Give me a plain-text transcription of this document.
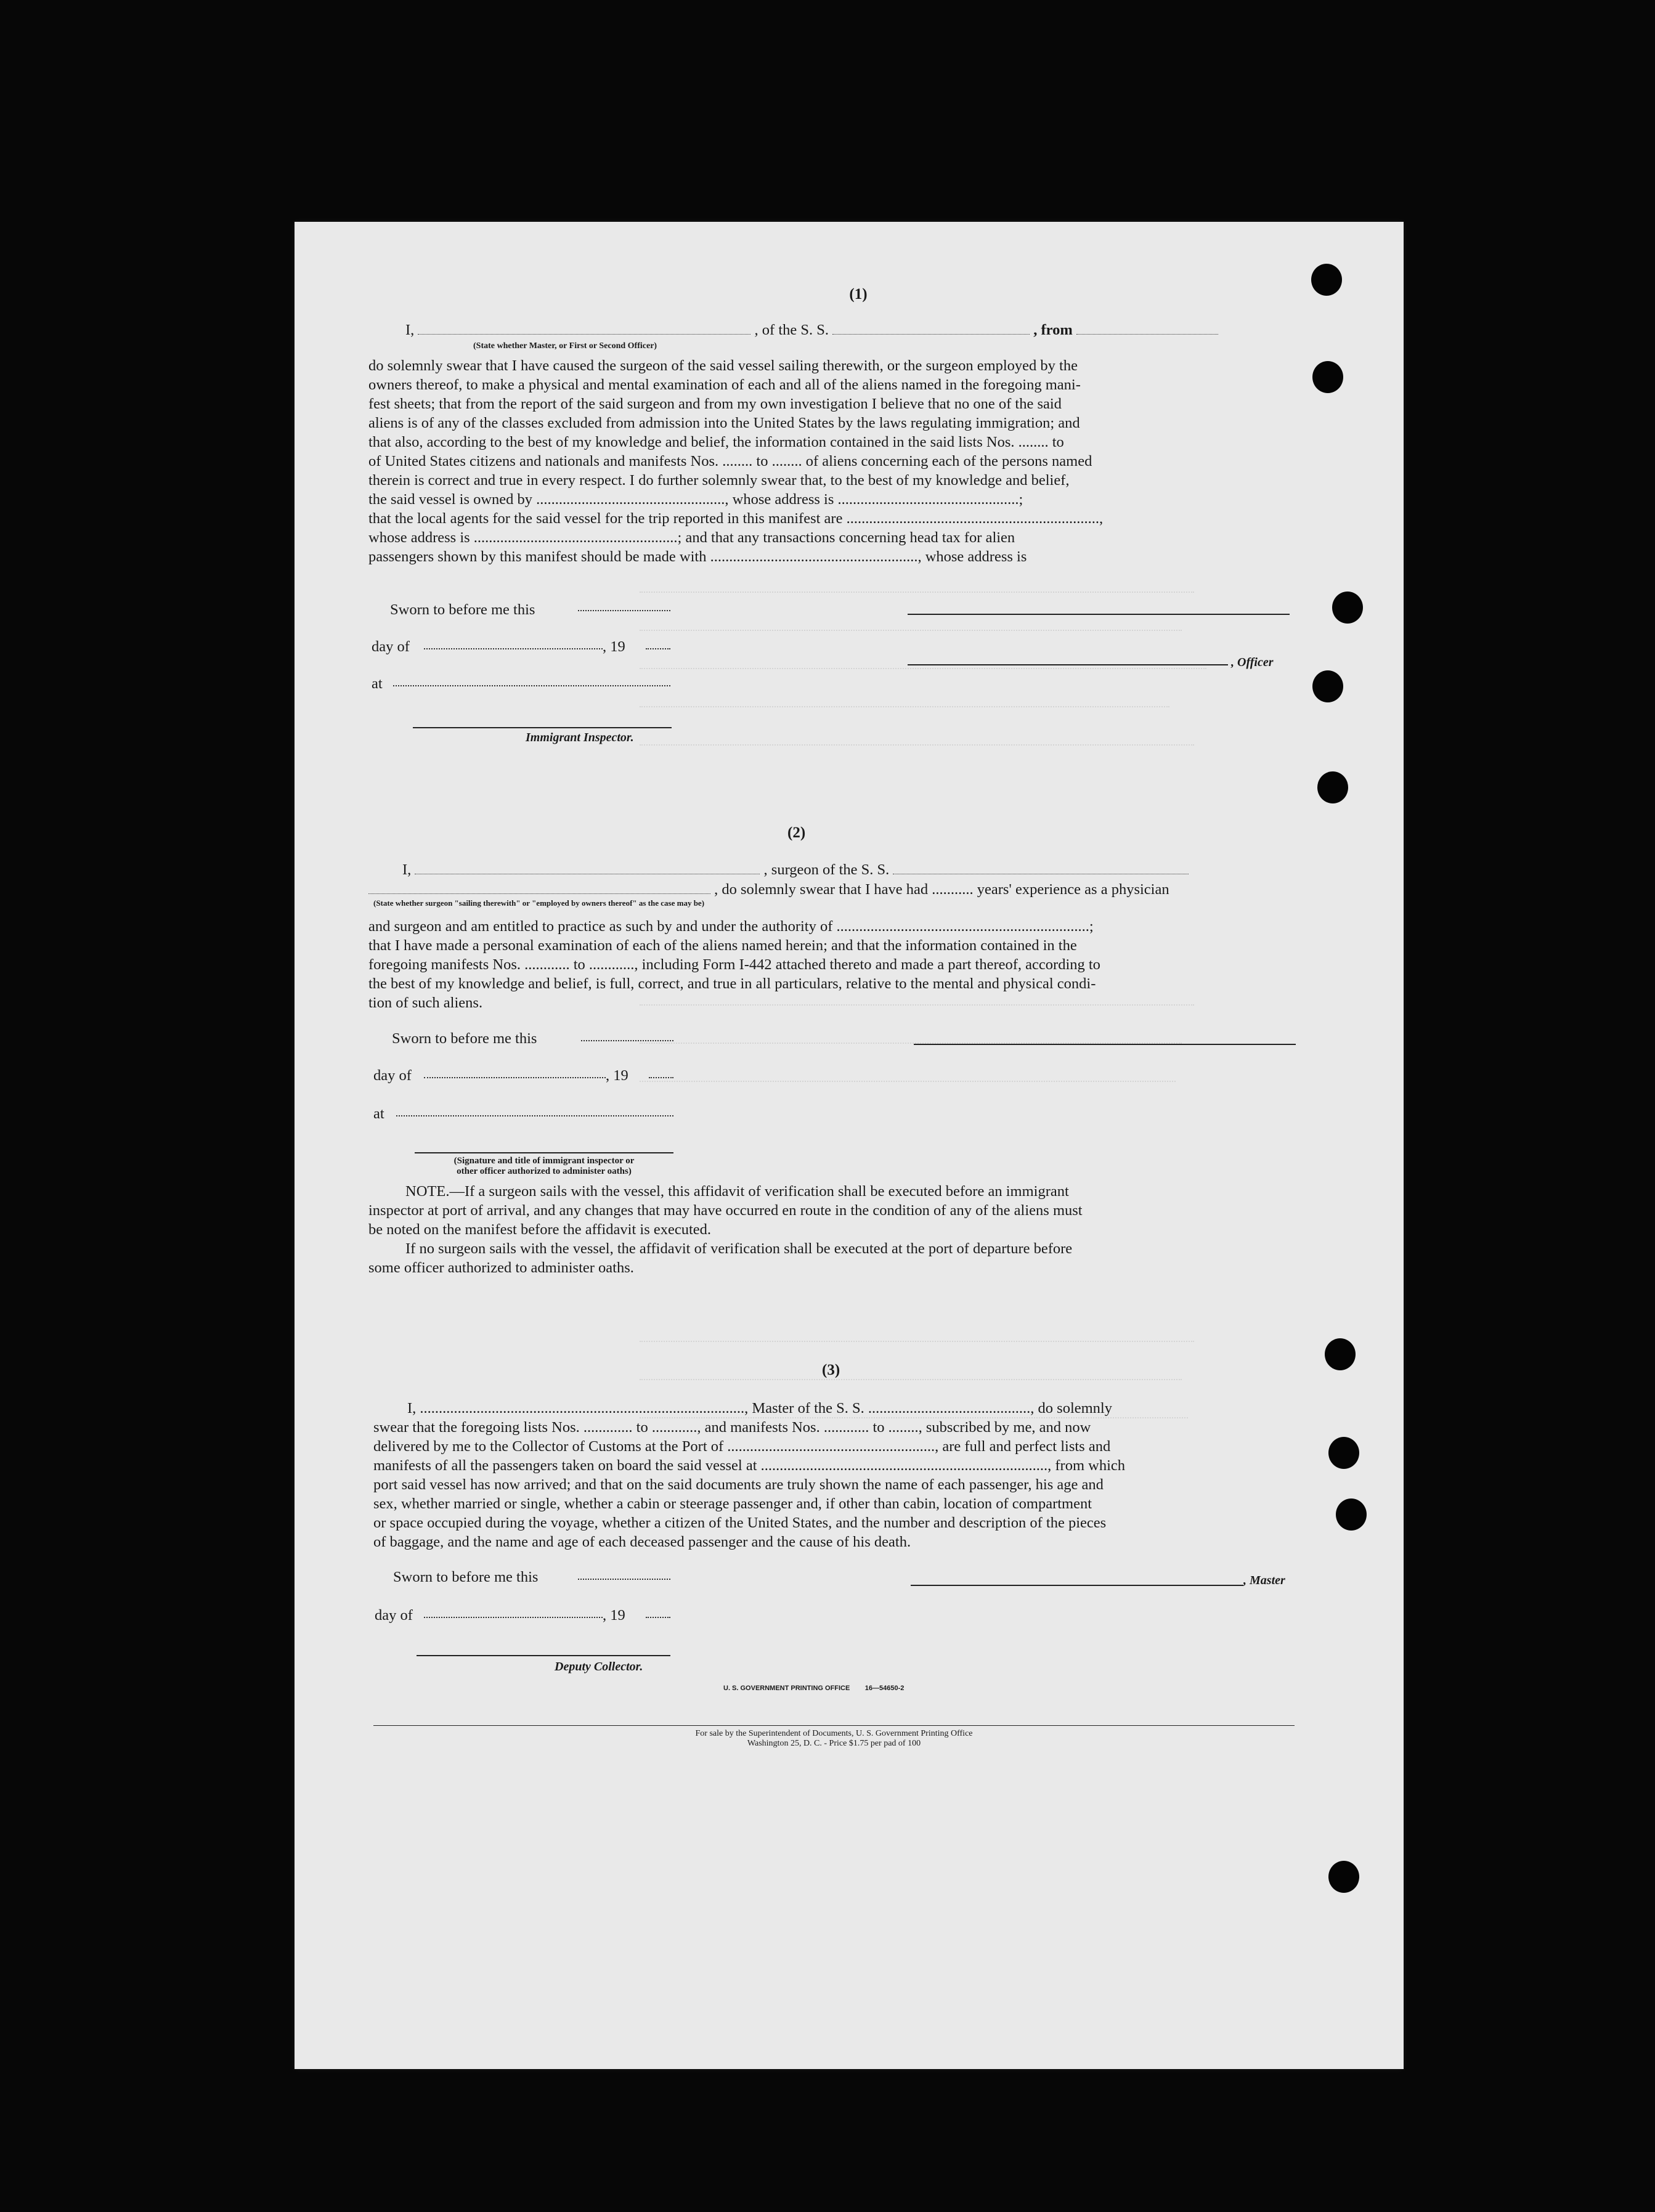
(1)
I,	, of the S. S.	, from
(State whether Master, or First or Second Officer)
do solemnly swear that I have caused the surgeon of the said vessel sailing therewith, or the surgeon employed by the
owners thereof, to make a physical and mental examination of each and all of the aliens named in the foregoing mani-
fest sheets; that from the report of the said surgeon and from my own investigation I believe that no one of the said
aliens is of any of the classes excluded from admission into the United States by the laws regulating immigration; and
that also, according to the best of my knowledge and belief, the information contained in the said lists Nos. ........ to
of United States citizens and nationals and manifests Nos. ........ to ........ of aliens concerning each of the persons named
therein is correct and true in every respect. I do further solemnly swear that, to the best of my knowledge and belief,
the said vessel is owned by .................................................., whose address is ................................................;
that the local agents for the said vessel for the trip reported in this manifest are ...................................................................,
whose address is ......................................................; and that any transactions concerning head tax for alien
passengers shown by this manifest should be made with ......................................................., whose address is
Sworn to before me this
day of	, 19
, Officer
at
Immigrant Inspector.
(2)
I,	, surgeon of the S. S.
, do solemnly swear that I have had ........... years' experience as a physician
(State whether surgeon "sailing therewith" or "employed by owners thereof" as the case may be)
and surgeon and am entitled to practice as such by and under the authority of ...................................................................;
that I have made a personal examination of each of the aliens named herein; and that the information contained in the
foregoing manifests Nos. ............ to ............, including Form I-442 attached thereto and made a part thereof, according to
the best of my knowledge and belief, is full, correct, and true in all particulars, relative to the mental and physical condi-
tion of such aliens.
Sworn to before me this
day of	, 19
at
(Signature and title of immigrant inspector or
other officer authorized to administer oaths)
NOTE.—If a surgeon sails with the vessel, this affidavit of verification shall be executed before an immigrant
inspector at port of arrival, and any changes that may have occurred en route in the condition of any of the aliens must
be noted on the manifest before the affidavit is executed.
If no surgeon sails with the vessel, the affidavit of verification shall be executed at the port of departure before
some officer authorized to administer oaths.
(3)
I, ......................................................................................, Master of the S. S. ..........................................., do solemnly
swear that the foregoing lists Nos. ............. to ............, and manifests Nos. ............ to ........, subscribed by me, and now
delivered by me to the Collector of Customs at the Port of ......................................................., are full and perfect lists and
manifests of all the passengers taken on board the said vessel at ............................................................................, from which
port said vessel has now arrived; and that on the said documents are truly shown the name of each passenger, his age and
sex, whether married or single, whether a cabin or steerage passenger and, if other than cabin, location of compartment
or space occupied during the voyage, whether a citizen of the United States, and the number and description of the pieces
of baggage, and the name and age of each deceased passenger and the cause of his death.
Sworn to before me this	, Master
day of	, 19
Deputy Collector.
U. S. GOVERNMENT PRINTING OFFICE        16—54650-2
For sale by the Superintendent of Documents, U. S. Government Printing Office
Washington 25, D. C. - Price $1.75 per pad of 100
